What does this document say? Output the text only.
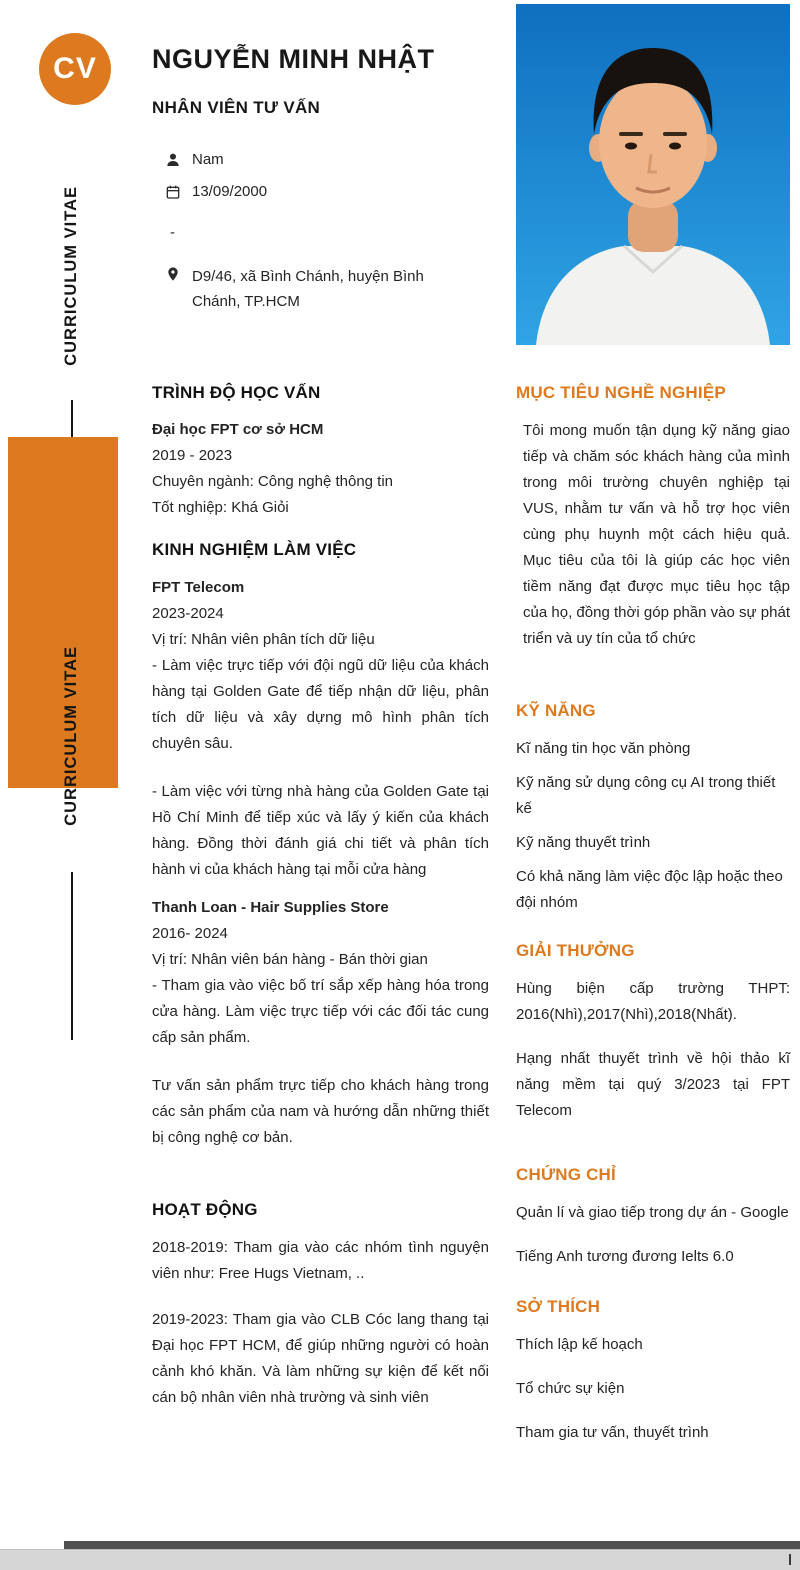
CV NGUYỄN MINH NHẬT
NHÂN VIÊN TƯ VẤN
Nam
13/09/2000
-
D9/46, xã Bình Chánh, huyện Bình Chánh, TP.HCM
CURRICULUM VITAE
CURRICULUM VITAE
TRÌNH ĐỘ HỌC VẤN
Đại học FPT cơ sở HCM
2019 - 2023
Chuyên ngành: Công nghệ thông tin
Tốt nghiệp: Khá Giỏi
KINH NGHIỆM LÀM VIỆC
FPT Telecom
2023-2024
Vị trí: Nhân viên phân tích dữ liệu

- Làm việc trực tiếp với đội ngũ dữ liệu của khách hàng tại Golden Gate để tiếp nhận dữ liệu, phân tích dữ liệu và xây dựng mô hình phân tích chuyên sâu.

- Làm việc với từng nhà hàng của Golden Gate tại Hồ Chí Minh để tiếp xúc và lấy ý kiến của khách hàng. Đồng thời đánh giá chi tiết và phân tích hành vi của khách hàng tại mỗi cửa hàng

Thanh Loan - Hair Supplies Store
2016- 2024
Vị trí: Nhân viên bán hàng - Bán thời gian

- Tham gia vào việc bố trí sắp xếp hàng hóa trong cửa hàng. Làm việc trực tiếp với các đối tác cung cấp sản phẩm.

Tư vấn sản phẩm trực tiếp cho khách hàng trong các sản phẩm của nam và hướng dẫn những thiết bị công nghệ cơ bản.

HOẠT ĐỘNG

2018-2019: Tham gia vào các nhóm tình nguyện viên như: Free Hugs Vietnam, ..

2019-2023: Tham gia vào CLB Cóc lang thang tại Đại học FPT HCM, để giúp những người có hoàn cảnh khó khăn. Và làm những sự kiện để kết nối cán bộ nhân viên nhà trường và sinh viên

MỤC TIÊU NGHỀ NGHIỆP

Tôi mong muốn tận dụng kỹ năng giao tiếp và chăm sóc khách hàng của mình trong môi trường chuyên nghiệp tại VUS, nhằm tư vấn và hỗ trợ học viên cùng phụ huynh một cách hiệu quả. Mục tiêu của tôi là giúp các học viên tiềm năng đạt được mục tiêu học tập của họ, đồng thời góp phần vào sự phát triển và uy tín của tổ chức

KỸ NĂNG

Kĩ năng tin học văn phòng

Kỹ năng sử dụng công cụ AI trong thiết kế

Kỹ năng thuyết trình

Có khả năng làm việc độc lập hoặc theo đội nhóm

GIẢI THƯỞNG

Hùng biện cấp trường THPT: 2016(Nhì),2017(Nhì),2018(Nhất).

Hạng nhất thuyết trình về hội thảo kĩ năng mềm tại quý 3/2023 tại FPT Telecom

CHỨNG CHỈ

Quản lí và giao tiếp trong dự án - Google

Tiếng Anh tương đương Ielts 6.0

SỞ THÍCH

Thích lập kế hoạch

Tổ chức sự kiện

Tham gia tư vấn, thuyết trình
